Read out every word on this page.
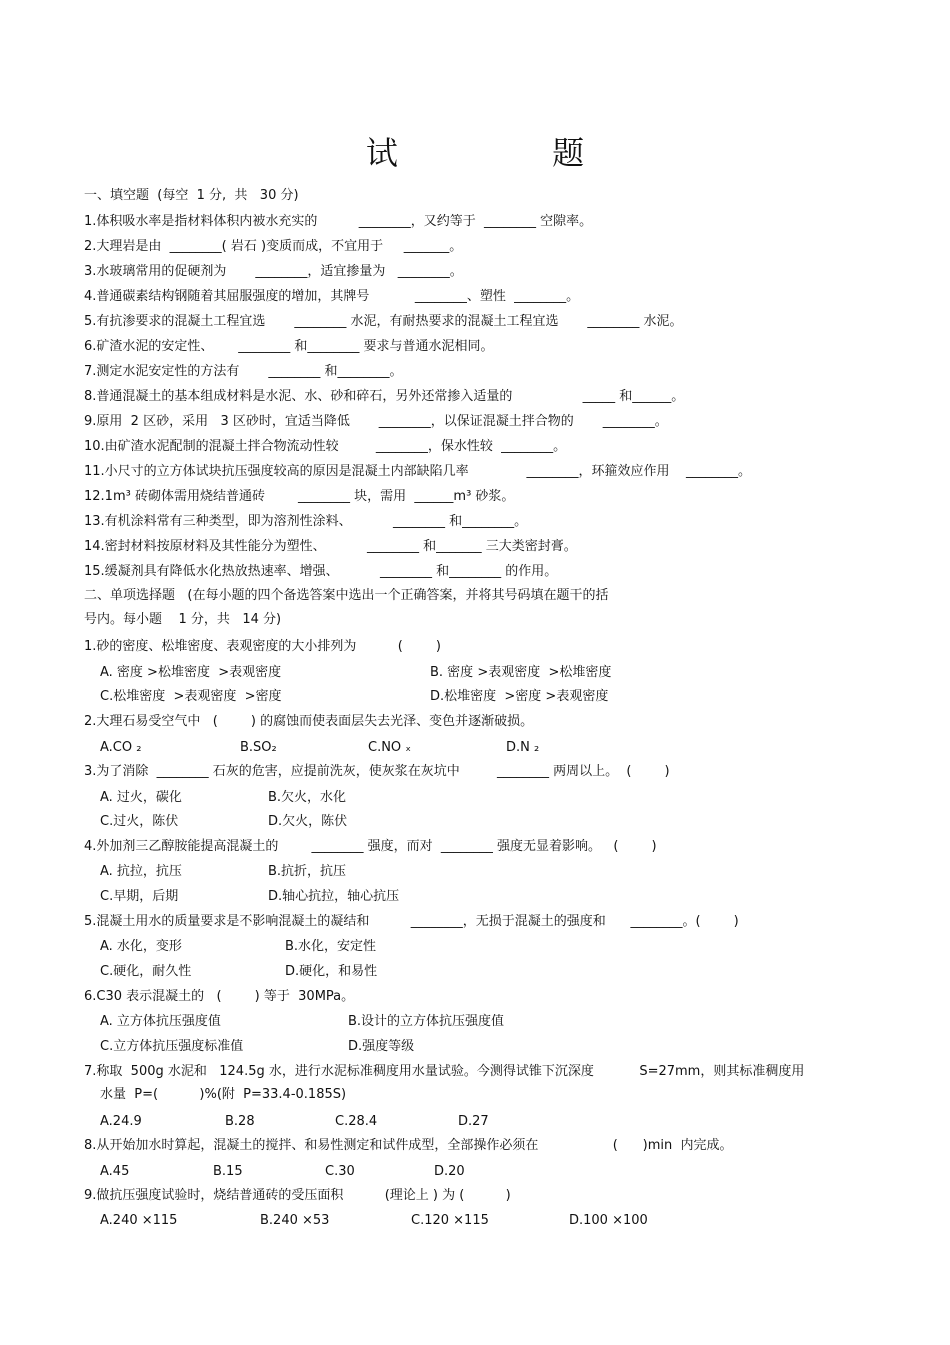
试 题
一、填空题  (每空  1 分,  共   30 分)
1.体积吸水率是指材料体积内被水充实的          ________，又约等于  ________ 空隙率。
2.大理岩是由  ________( 岩石 )变质而成，不宜用于     _______。
3.水玻璃常用的促硬剂为       ________，适宜掺量为   ________。
4.普通碳素结构钢随着其屈服强度的增加，其牌号           ________、塑性  ________。
5.有抗渗要求的混凝土工程宜选       ________ 水泥，有耐热要求的混凝土工程宜选       ________ 水泥。
6.矿渣水泥的安定性、      ________ 和________ 要求与普通水泥相同。
7.测定水泥安定性的方法有       ________ 和________。
8.普通混凝土的基本组成材料是水泥、水、砂和碎石，另外还常掺入适量的                 _____ 和______。
9.原用  2 区砂，采用   3 区砂时，宜适当降低       ________，以保证混凝土拌合物的       ________。
10.由矿渣水泥配制的混凝土拌合物流动性较         ________，保水性较  ________。
11.小尺寸的立方体试块抗压强度较高的原因是混凝土内部缺陷几率              ________，环箍效应作用    ________。
12.1m³ 砖砌体需用烧结普通砖        ________ 块，需用  ______m³ 砂浆。
13.有机涂料常有三种类型，即为溶剂性涂料、          ________ 和________。
14.密封材料按原材料及其性能分为塑性、          ________ 和_______ 三大类密封膏。
15.缓凝剂具有降低水化热放热速率、增强、          ________ 和________ 的作用。
二、单项选择题   (在每小题的四个备选答案中选出一个正确答案，并将其号码填在题干的括
号内。每小题    1 分，共   14 分)
1.砂的密度、松堆密度、表观密度的大小排列为          (        )
A. 密度 >松堆密度  >表观密度	B. 密度 >表观密度  >松堆密度
C.松堆密度  >表观密度  >密度	D.松堆密度  >密度 >表观密度
2.大理石易受空气中   (        ) 的腐蚀而使表面层失去光泽、变色并逐渐破损。
A.CO ₂	B.SO₂	C.NO ₓ	D.N ₂
3.为了消除  ________ 石灰的危害，应提前洗灰，使灰浆在灰坑中         ________ 两周以上。  (        )
A. 过火，碳化	B.欠火，水化
C.过火，陈伏	D.欠火，陈伏
4.外加剂三乙醇胺能提高混凝土的        ________ 强度，而对  ________ 强度无显着影响。   (        )
A. 抗拉，抗压	B.抗折，抗压
C.早期，后期	D.轴心抗拉，轴心抗压
5.混凝土用水的质量要求是不影响混凝土的凝结和          ________，无损于混凝土的强度和      ________。(        )
A. 水化，变形	B.水化，安定性
C.硬化，耐久性	D.硬化，和易性
6.C30 表示混凝土的   (        ) 等于  30MPa。
A. 立方体抗压强度值	B.设计的立方体抗压强度值
C.立方体抗压强度标准值	D.强度等级
7.称取  500g 水泥和   124.5g 水，进行水泥标准稠度用水量试验。今测得试锥下沉深度           S=27mm，则其标准稠度用
水量  P=(          )%(附  P=33.4-0.185S)
A.24.9	B.28	C.28.4	D.27
8.从开始加水时算起，混凝土的搅拌、和易性测定和试件成型，全部操作必须在                  (      )min  内完成。
A.45	B.15	C.30	D.20
9.做抗压强度试验时，烧结普通砖的受压面积          (理论上 ) 为 (          )
A.240 ×115	B.240 ×53	C.120 ×115	D.100 ×100
